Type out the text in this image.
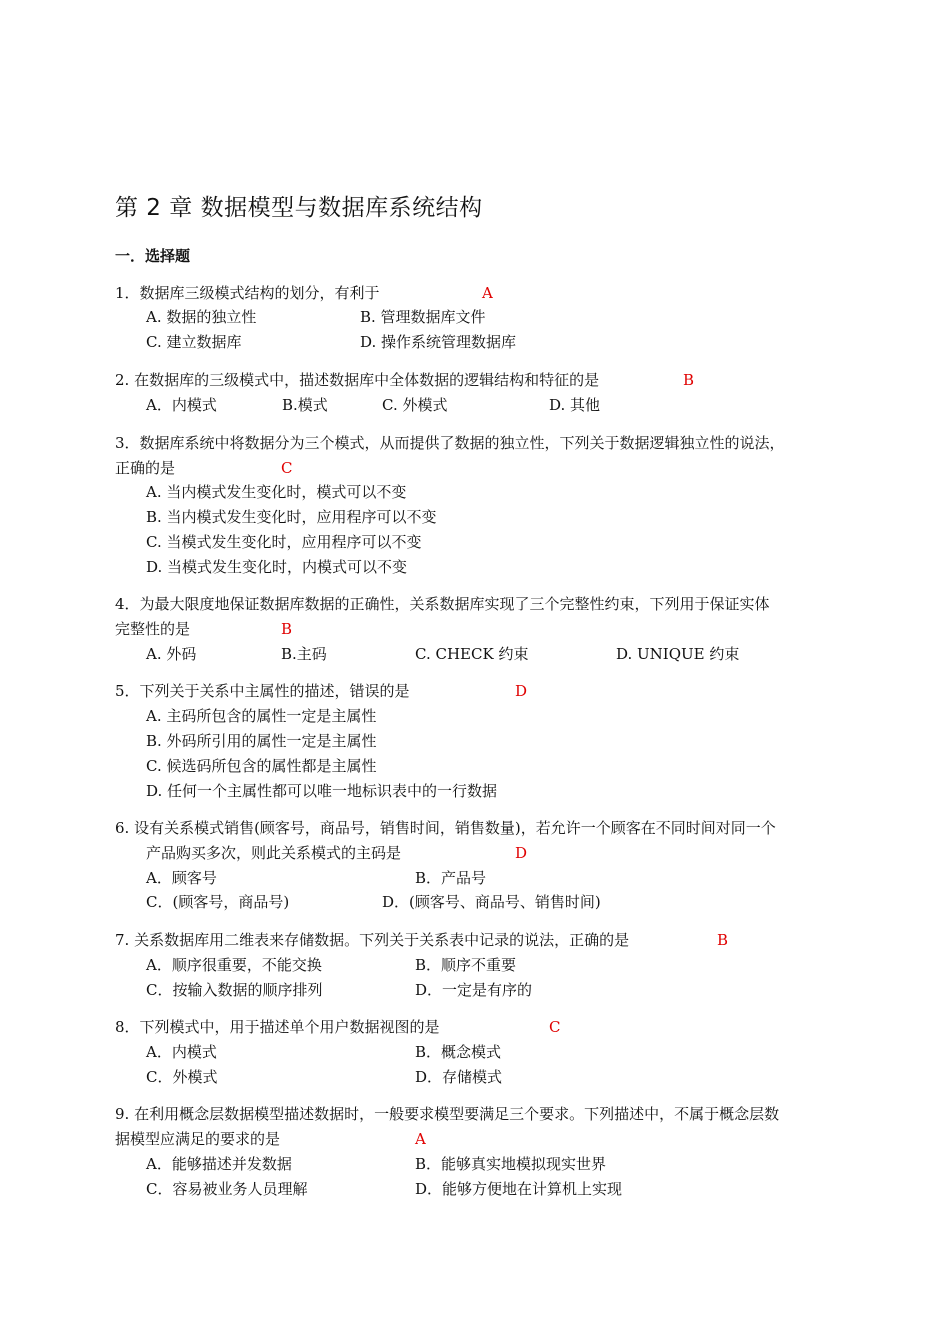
第 2 章 数据模型与数据库系统结构
一．选择题
1．数据库三级模式结构的划分，有利于	A
A. 数据的独立性	B. 管理数据库文件
C. 建立数据库	D. 操作系统管理数据库
2. 在数据库的三级模式中，描述数据库中全体数据的逻辑结构和特征的是	B
A．内模式	B.模式	C. 外模式	D. 其他
3．数据库系统中将数据分为三个模式，从而提供了数据的独立性，下列关于数据逻辑独立性的说法，
正确的是	C
A. 当内模式发生变化时，模式可以不变
B. 当内模式发生变化时，应用程序可以不变
C. 当模式发生变化时，应用程序可以不变
D. 当模式发生变化时，内模式可以不变
4．为最大限度地保证数据库数据的正确性，关系数据库实现了三个完整性约束，下列用于保证实体
完整性的是	B
A. 外码	B.主码	C. CHECK 约束	D. UNIQUE 约束
5．下列关于关系中主属性的描述，错误的是	D
A. 主码所包含的属性一定是主属性
B. 外码所引用的属性一定是主属性
C. 候选码所包含的属性都是主属性
D. 任何一个主属性都可以唯一地标识表中的一行数据
6. 设有关系模式销售(顾客号，商品号，销售时间，销售数量)，若允许一个顾客在不同时间对同一个
产品购买多次，则此关系模式的主码是	D
A．顾客号	B．产品号
C．(顾客号，商品号)	D．(顾客号、商品号、销售时间)
7. 关系数据库用二维表来存储数据。下列关于关系表中记录的说法，正确的是	B
A．顺序很重要，不能交换	B．顺序不重要
C．按输入数据的顺序排列	D．一定是有序的
8．下列模式中，用于描述单个用户数据视图的是	C
A．内模式	B．概念模式
C．外模式	D．存储模式
9. 在利用概念层数据模型描述数据时，一般要求模型要满足三个要求。下列描述中，不属于概念层数
据模型应满足的要求的是	A
A．能够描述并发数据	B．能够真实地模拟现实世界
C．容易被业务人员理解	D．能够方便地在计算机上实现
